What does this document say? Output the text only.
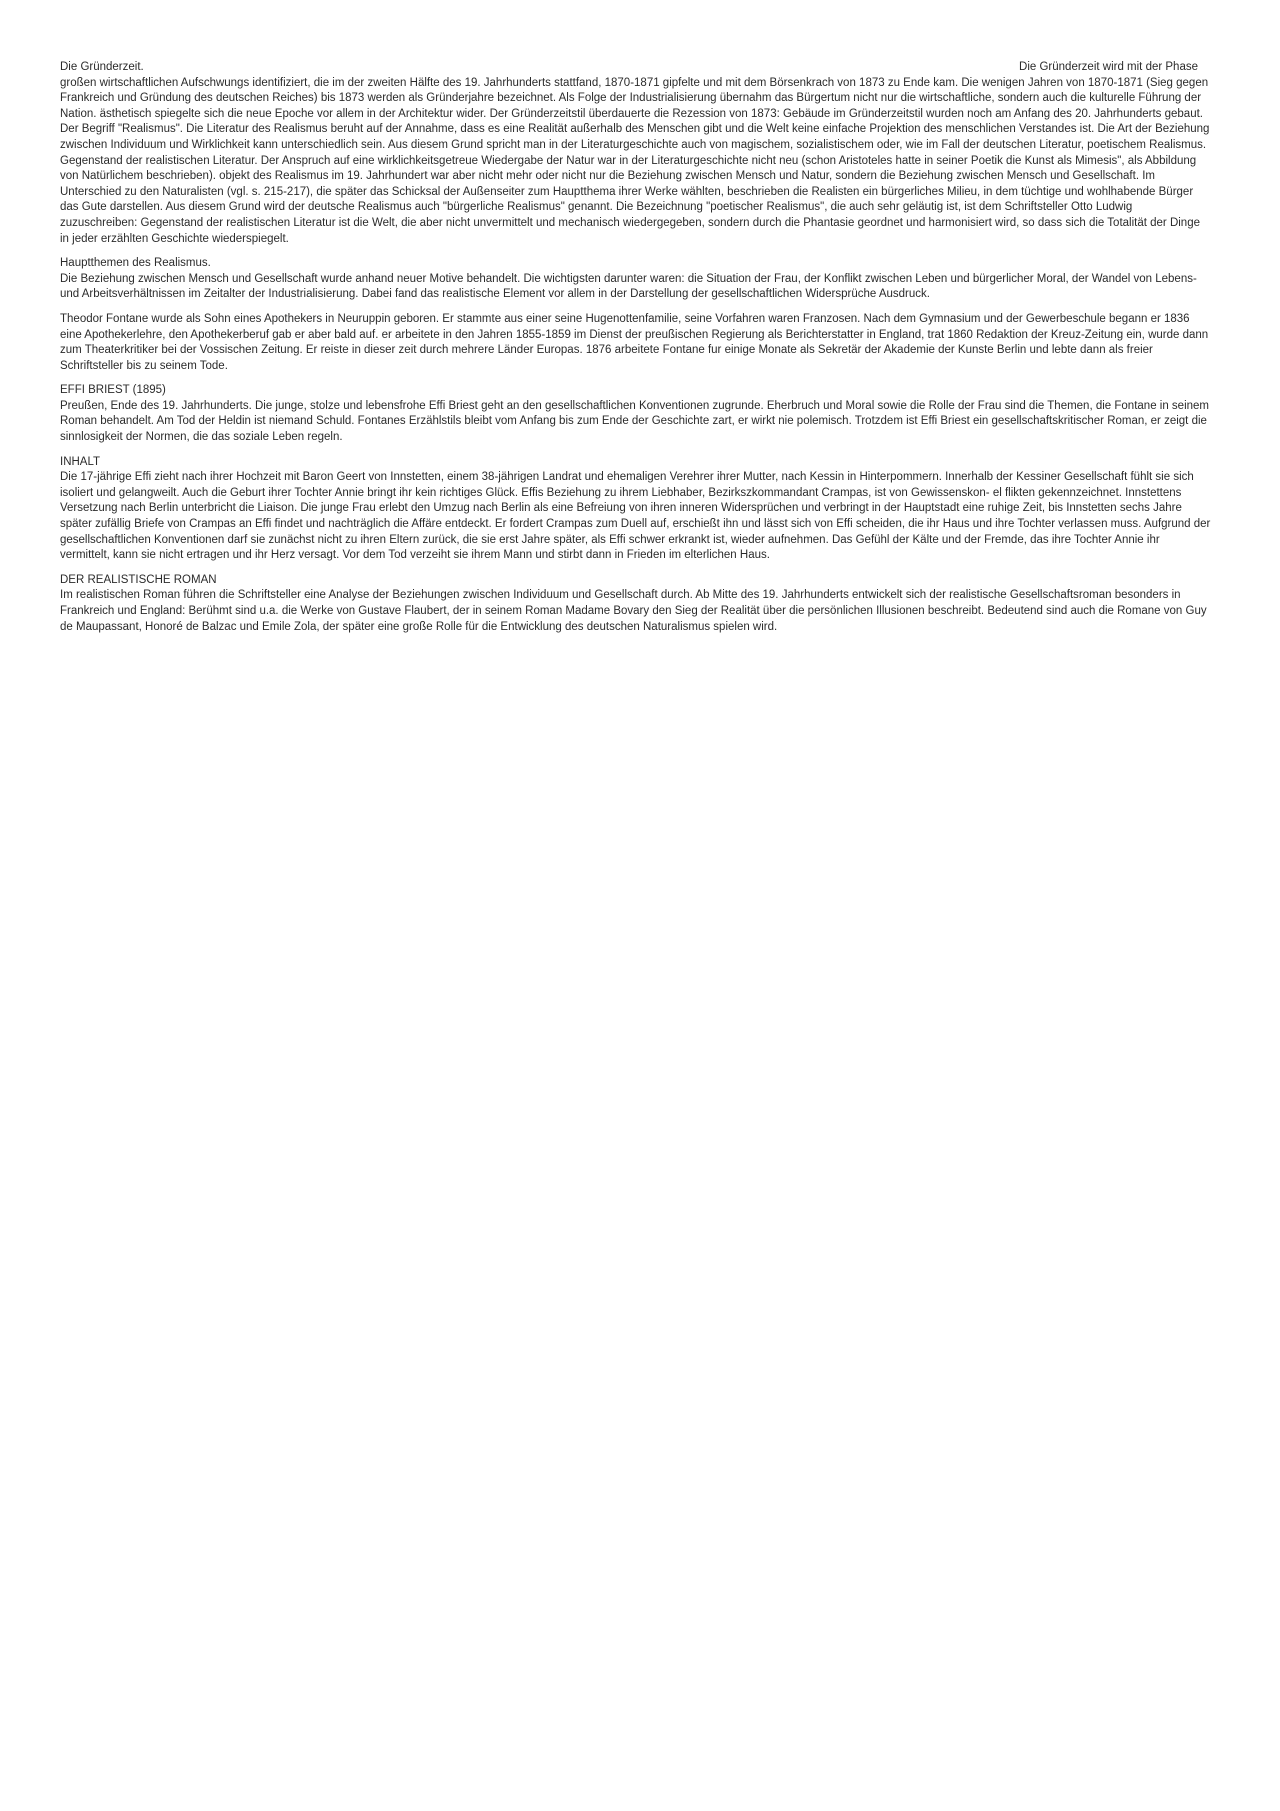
Die Gründerzeit.	Die Gründerzeit wird mit der Phase

großen wirtschaftlichen Aufschwungs identifiziert, die im der zweiten Hälfte des 19. Jahrhunderts stattfand, 1870-1871 gipfelte und mit dem Börsenkrach von 1873 zu Ende kam. Die wenigen Jahren von 1870-1871 (Sieg gegen Frankreich und Gründung des deutschen Reiches) bis 1873 werden als Gründerjahre bezeichnet. Als Folge der Industrialisierung übernahm das Bürgertum nicht nur die wirtschaftliche, sondern auch die kulturelle Führung der Nation. ästhetisch spiegelte sich die neue Epoche vor allem in der Architektur wider. Der Gründerzeitstil überdauerte die Rezession von 1873: Gebäude im Gründerzeitstil wurden noch am Anfang des 20. Jahrhunderts gebaut. Der Begriff "Realismus". Die Literatur des Realismus beruht auf der Annahme, dass es eine Realität außerhalb des Menschen gibt und die Welt keine einfache Projektion des menschlichen Verstandes ist. Die Art der Beziehung zwischen Individuum und Wirklichkeit kann unterschiedlich sein. Aus diesem Grund spricht man in der Literaturgeschichte auch von magischem, sozialistischem oder, wie im Fall der deutschen Literatur, poetischem Realismus. Gegenstand der realistischen Literatur. Der Anspruch auf eine wirklichkeitsgetreue Wiedergabe der Natur war in der Literaturgeschichte nicht neu (schon Aristoteles hatte in seiner Poetik die Kunst als Mimesis", als Abbildung von Natürlichem beschrieben). objekt des Realismus im 19. Jahrhundert war aber nicht mehr oder nicht nur die Beziehung zwischen Mensch und Natur, sondern die Beziehung zwischen Mensch und Gesellschaft. Im Unterschied zu den Naturalisten (vgl. s. 215-217), die später das Schicksal der Außenseiter zum Hauptthema ihrer Werke wählten, beschrieben die Realisten ein bürgerliches Milieu, in dem tüchtige und wohlhabende Bürger das Gute darstellen. Aus diesem Grund wird der deutsche Realismus auch "bürgerliche Realismus" genannt. Die Bezeichnung "poetischer Realismus", die auch sehr geläutig ist, ist dem Schriftsteller Otto Ludwig zuzuschreiben: Gegenstand der realistischen Literatur ist die Welt, die aber nicht unvermittelt und mechanisch wiedergegeben, sondern durch die Phantasie geordnet und harmonisiert wird, so dass sich die Totalität der Dinge in jeder erzählten Geschichte wiederspiegelt.

Hauptthemen des Realismus.

Die Beziehung zwischen Mensch und Gesellschaft wurde anhand neuer Motive behandelt. Die wichtigsten darunter waren: die Situation der Frau, der Konflikt zwischen Leben und bürgerlicher Moral, der Wandel von Lebens- und Arbeitsverhältnissen im Zeitalter der Industrialisierung. Dabei fand das realistische Element vor allem in der Darstellung der gesellschaftlichen Widersprüche Ausdruck.

Theodor Fontane wurde als Sohn eines Apothekers in Neuruppin geboren. Er stammte aus einer seine Hugenottenfamilie, seine Vorfahren waren Franzosen. Nach dem Gymnasium und der Gewerbeschule begann er 1836 eine Apothekerlehre, den Apothekerberuf gab er aber bald auf. er arbeitete in den Jahren 1855-1859 im Dienst der preußischen Regierung als Berichterstatter in England, trat 1860 Redaktion der Kreuz-Zeitung ein, wurde dann zum Theaterkritiker bei der Vossischen Zeitung. Er reiste in dieser zeit durch mehrere Länder Europas. 1876 arbeitete Fontane fur einige Monate als Sekretär der Akademie der Kunste Berlin und lebte dann als freier Schriftsteller bis zu seinem Tode.

EFFI BRIEST (1895)

Preußen, Ende des 19. Jahrhunderts. Die junge, stolze und lebensfrohe Effi Briest geht an den gesellschaftlichen Konventionen zugrunde. Eherbruch und Moral sowie die Rolle der Frau sind die Themen, die Fontane in seinem Roman behandelt. Am Tod der Heldin ist niemand Schuld. Fontanes Erzählstils bleibt vom Anfang bis zum Ende der Geschichte zart, er wirkt nie polemisch. Trotzdem ist Effi Briest ein gesellschaftskritischer Roman, er zeigt die sinnlosigkeit der Normen, die das soziale Leben regeln.

INHALT

Die 17-jährige Effi zieht nach ihrer Hochzeit mit Baron Geert von Innstetten, einem 38-jährigen Landrat und ehemaligen Verehrer ihrer Mutter, nach Kessin in Hinterpommern. Innerhalb der Kessiner Gesellschaft fühlt sie sich isoliert und gelangweilt. Auch die Geburt ihrer Tochter Annie bringt ihr kein richtiges Glück. Effis Beziehung zu ihrem Liebhaber, Bezirkszkommandant Crampas, ist von Gewissenskon- el flikten gekennzeichnet. Innstettens Versetzung nach Berlin unterbricht die Liaison. Die junge Frau erlebt den Umzug nach Berlin als eine Befreiung von ihren inneren Widersprüchen und verbringt in der Hauptstadt eine ruhige Zeit, bis Innstetten sechs Jahre später zufällig Briefe von Crampas an Effi findet und nachträglich die Affäre entdeckt. Er fordert Crampas zum Duell auf, erschießt ihn und lässt sich von Effi scheiden, die ihr Haus und ihre Tochter verlassen muss. Aufgrund der gesellschaftlichen Konventionen darf sie zunächst nicht zu ihren Eltern zurück, die sie erst Jahre später, als Effi schwer erkrankt ist, wieder aufnehmen. Das Gefühl der Kälte und der Fremde, das ihre Tochter Annie ihr vermittelt, kann sie nicht ertragen und ihr Herz versagt. Vor dem Tod verzeiht sie ihrem Mann und stirbt dann in Frieden im elterlichen Haus.

DER REALISTISCHE ROMAN

Im realistischen Roman führen die Schriftsteller eine Analyse der Beziehungen zwischen Individuum und Gesellschaft durch. Ab Mitte des 19. Jahrhunderts entwickelt sich der realistische Gesellschaftsroman besonders in Frankreich und England: Berühmt sind u.a. die Werke von Gustave Flaubert, der in seinem Roman Madame Bovary den Sieg der Realität über die persönlichen Illusionen beschreibt. Bedeutend sind auch die Romane von Guy de Maupassant, Honoré de Balzac und Emile Zola, der später eine große Rolle für die Entwicklung des deutschen Naturalismus spielen wird.
